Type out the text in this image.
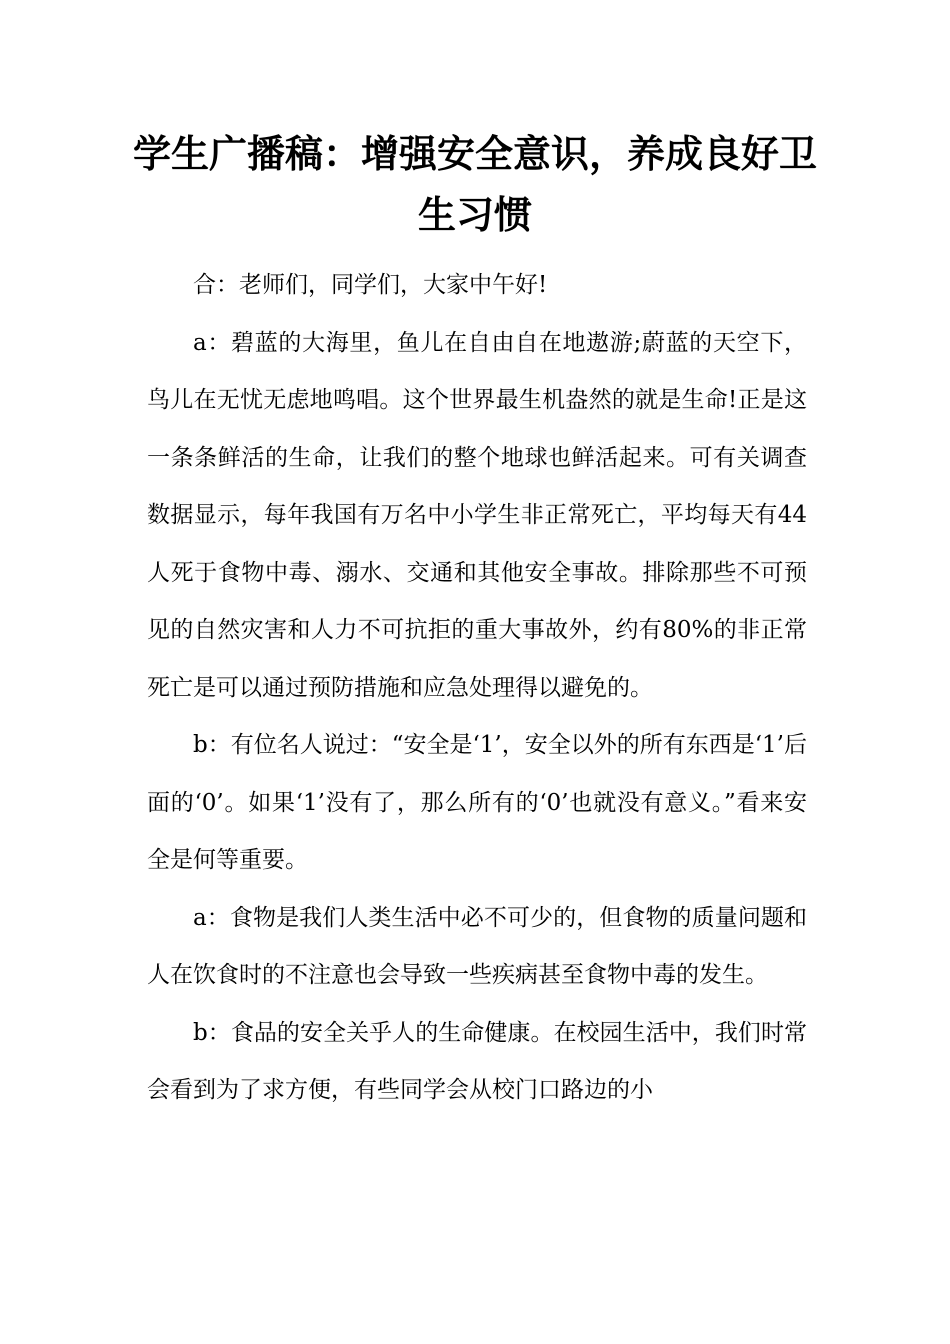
学生广播稿：增强安全意识，养成良好卫生习惯

合：老师们，同学们，大家中午好!

a：碧蓝的大海里，鱼儿在自由自在地遨游;蔚蓝的天空下，鸟儿在无忧无虑地鸣唱。这个世界最生机盎然的就是生命!正是这一条条鲜活的生命，让我们的整个地球也鲜活起来。可有关调查数据显示，每年我国有万名中小学生非正常死亡，平均每天有44人死于食物中毒、溺水、交通和其他安全事故。排除那些不可预见的自然灾害和人力不可抗拒的重大事故外，约有80%的非正常死亡是可以通过预防措施和应急处理得以避免的。

b：有位名人说过：“安全是‘1’，安全以外的所有东西是‘1’后面的‘0’。如果‘1’没有了，那么所有的‘0’也就没有意义。”看来安全是何等重要。

a：食物是我们人类生活中必不可少的，但食物的质量问题和人在饮食时的不注意也会导致一些疾病甚至食物中毒的发生。

b：食品的安全关乎人的生命健康。在校园生活中，我们时常会看到为了求方便，有些同学会从校门口路边的小
